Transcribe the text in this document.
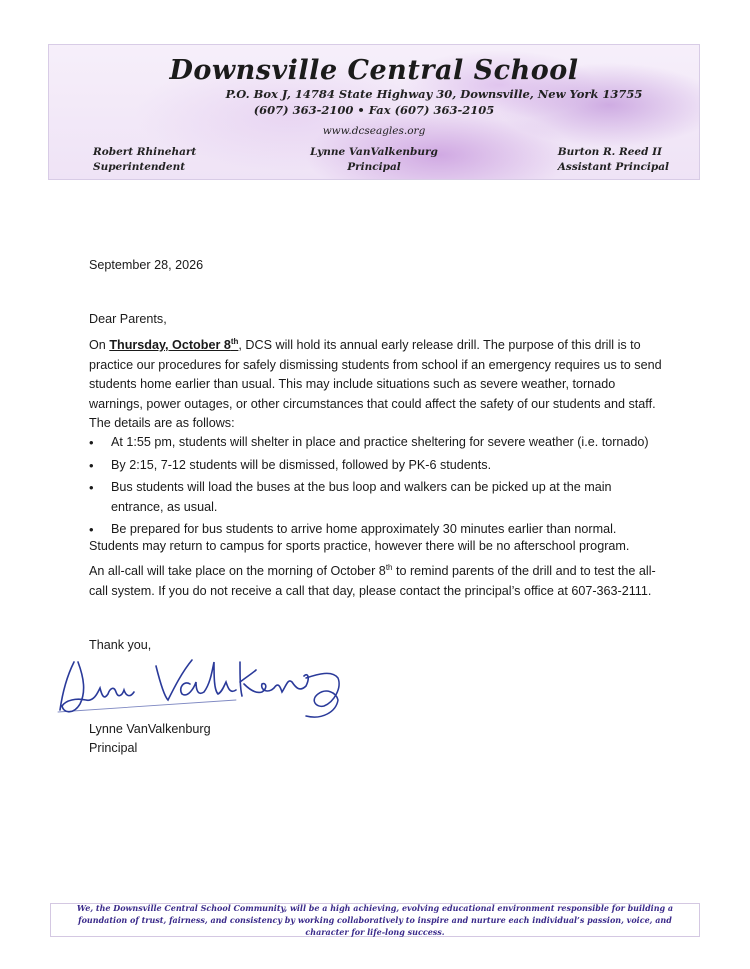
Downsville Central School
P.O. Box J, 14784 State Highway 30, Downsville, New York 13755
(607) 363-2100 • Fax (607) 363-2105
www.dcseagles.org
Robert Rhinehart
Superintendent
Lynne VanValkenburg
Principal
Burton R. Reed II
Assistant Principal
September 28, 2026
Dear Parents,

On Thursday, October 8th, DCS will hold its annual early release drill. The purpose of this drill is to practice our procedures for safely dismissing students from school if an emergency requires us to send students home earlier than usual. This may include situations such as severe weather, tornado warnings, power outages, or other circumstances that could affect the safety of our students and staff. The details are as follows:

• At 1:55 pm, students will shelter in place and practice sheltering for severe weather (i.e. tornado)
• By 2:15, 7-12 students will be dismissed, followed by PK-6 students.
• Bus students will load the buses at the bus loop and walkers can be picked up at the main entrance, as usual.
• Be prepared for bus students to arrive home approximately 30 minutes earlier than normal.

Students may return to campus for sports practice, however there will be no afterschool program.

An all-call will take place on the morning of October 8th to remind parents of the drill and to test the all-call system. If you do not receive a call that day, please contact the principal’s office at 607-363-2111.

Thank you,
Lynne VanValkenburg
Principal
We, the Downsville Central School Community, will be a high achieving, evolving educational environment responsible for building a foundation of trust, fairness, and consistency by working collaboratively to inspire and nurture each individual’s passion, voice, and character for life-long success.
